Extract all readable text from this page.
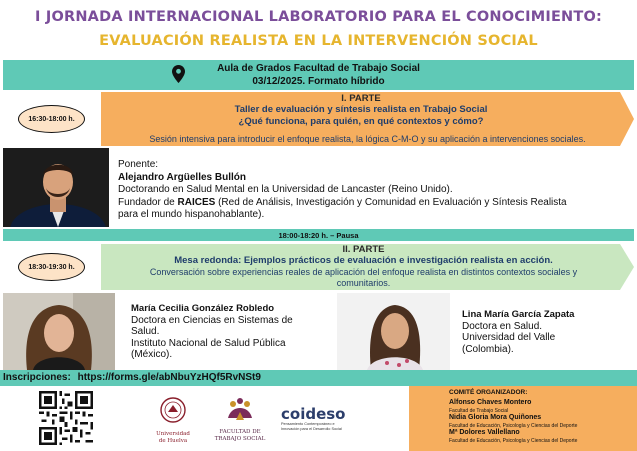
I JORNADA INTERNACIONAL LABORATORIO PARA EL CONOCIMIENTO:
EVALUACIÓN REALISTA EN LA INTERVENCIÓN SOCIAL
Aula de Grados Facultad de Trabajo Social
03/12/2025. Formato híbrido
16:30-18:00 h.
I. PARTE
Taller de evaluación y síntesis realista en Trabajo Social
¿Qué funciona, para quién, en qué contextos y cómo?
Sesión intensiva para introducir el enfoque realista, la lógica C-M-O y su aplicación a intervenciones sociales.
Ponente:
Alejandro Argüelles Bullón
Doctorando en Salud Mental en la Universidad de Lancaster (Reino Unido).
Fundador de RAICES (Red de Análisis, Investigación y Comunidad en Evaluación y Síntesis Realista
para el mundo hispanohablante).
18:00-18:20 h. – Pausa
18:30-19:30 h.
II. PARTE
Mesa redonda: Ejemplos prácticos de evaluación e investigación realista en acción.
Conversación sobre experiencias reales de aplicación del enfoque realista en distintos contextos sociales y
comunitarios.
María Cecilia González Robledo
Doctora en Ciencias en Sistemas de
Salud.
Instituto Nacional de Salud Pública
(México).
Lina María García Zapata
Doctora en Salud.
Universidad del Valle
(Colombia).
Inscripciones: https://forms.gle/abNbuYzHQf5RvNSt9
Universidad de Huelva
FACULTAD DE
TRABAJO SOCIAL
coideso
Pensamiento Contemporáneo e
Innovación para el Desarrollo Social
COMITÉ ORGANIZADOR:
Alfonso Chaves Montero
Facultad de Trabajo Social
Nidia Gloria Mora Quiñones
Facultad de Educación, Psicología y Ciencias del Deporte
Mª Dolores Vallellano
Facultad de Educación, Psicología y Ciencias del Deporte
